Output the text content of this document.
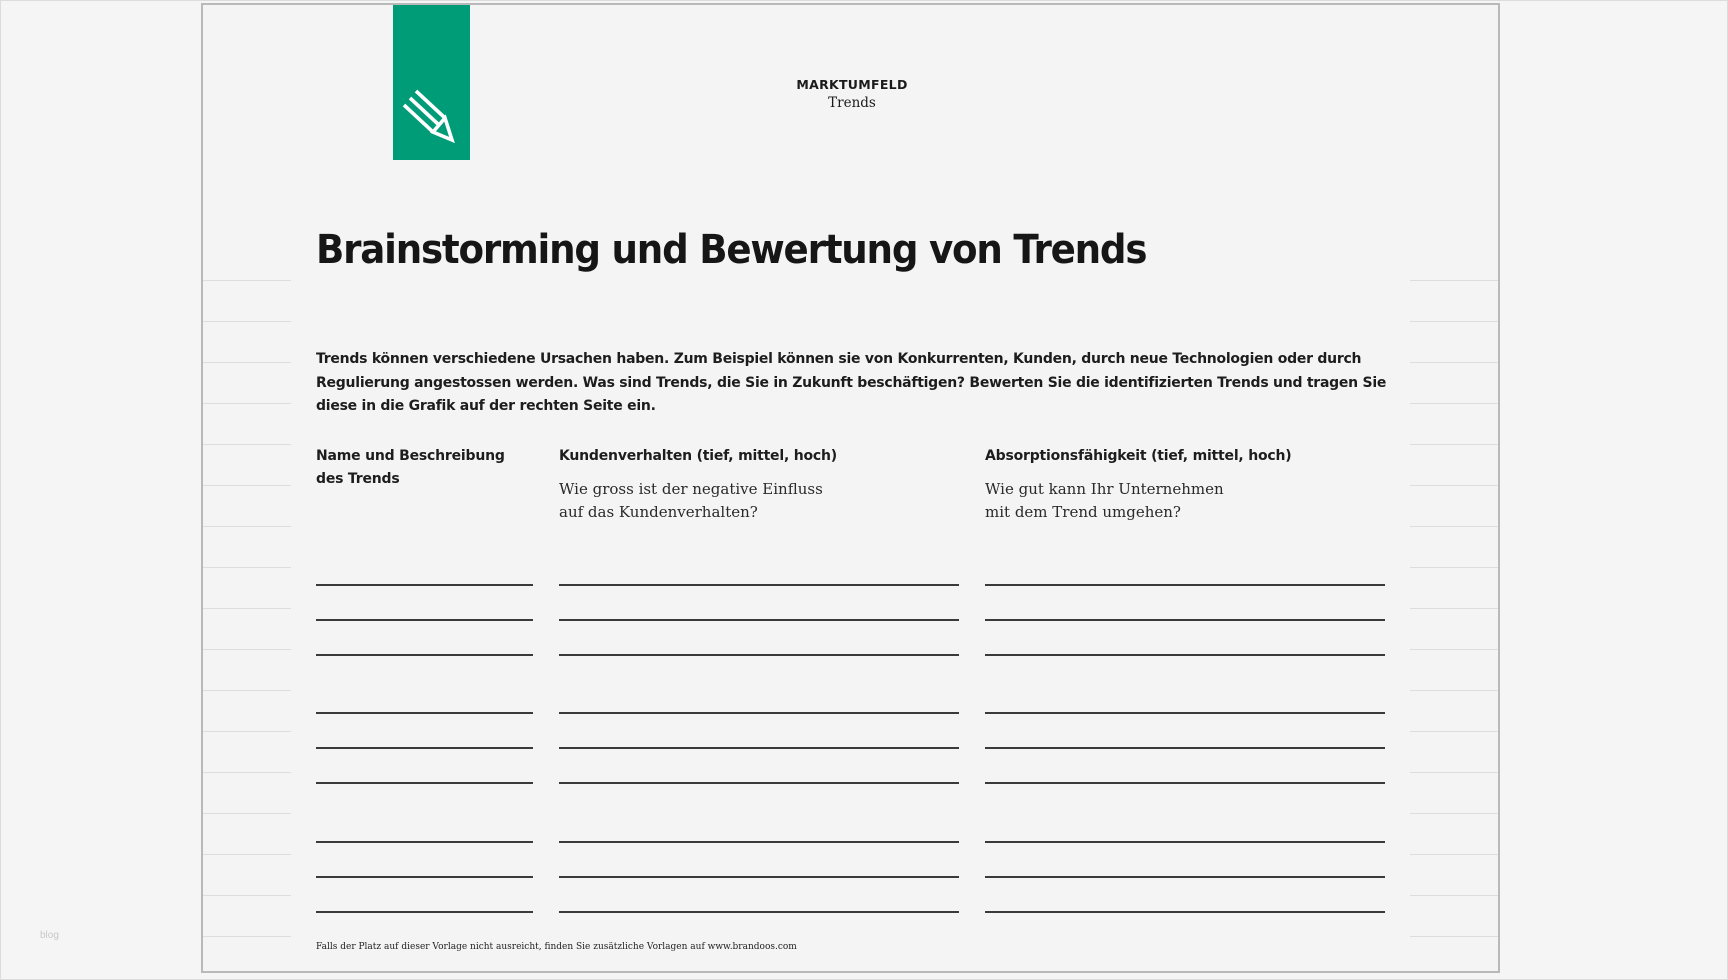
MARKTUMFELD
Trends
Brainstorming und Bewertung von Trends

Trends können verschiedene Ursachen haben. Zum Beispiel können sie von Konkurrenten, Kunden, durch neue Technologien oder durch Regulierung angestossen werden. Was sind Trends, die Sie in Zukunft beschäftigen? Bewerten Sie die identifizierten Trends und tragen Sie diese in die Grafik auf der rechten Seite ein.

Name und Beschreibung
des Trends
Kundenverhalten (tief, mittel, hoch)
Wie gross ist der negative Einfluss
auf das Kundenverhalten?
Absorptionsfähigkeit (tief, mittel, hoch)
Wie gut kann Ihr Unternehmen
mit dem Trend umgehen?

Falls der Platz auf dieser Vorlage nicht ausreicht, finden Sie zusätzliche Vorlagen auf www.brandoos.com

blog
